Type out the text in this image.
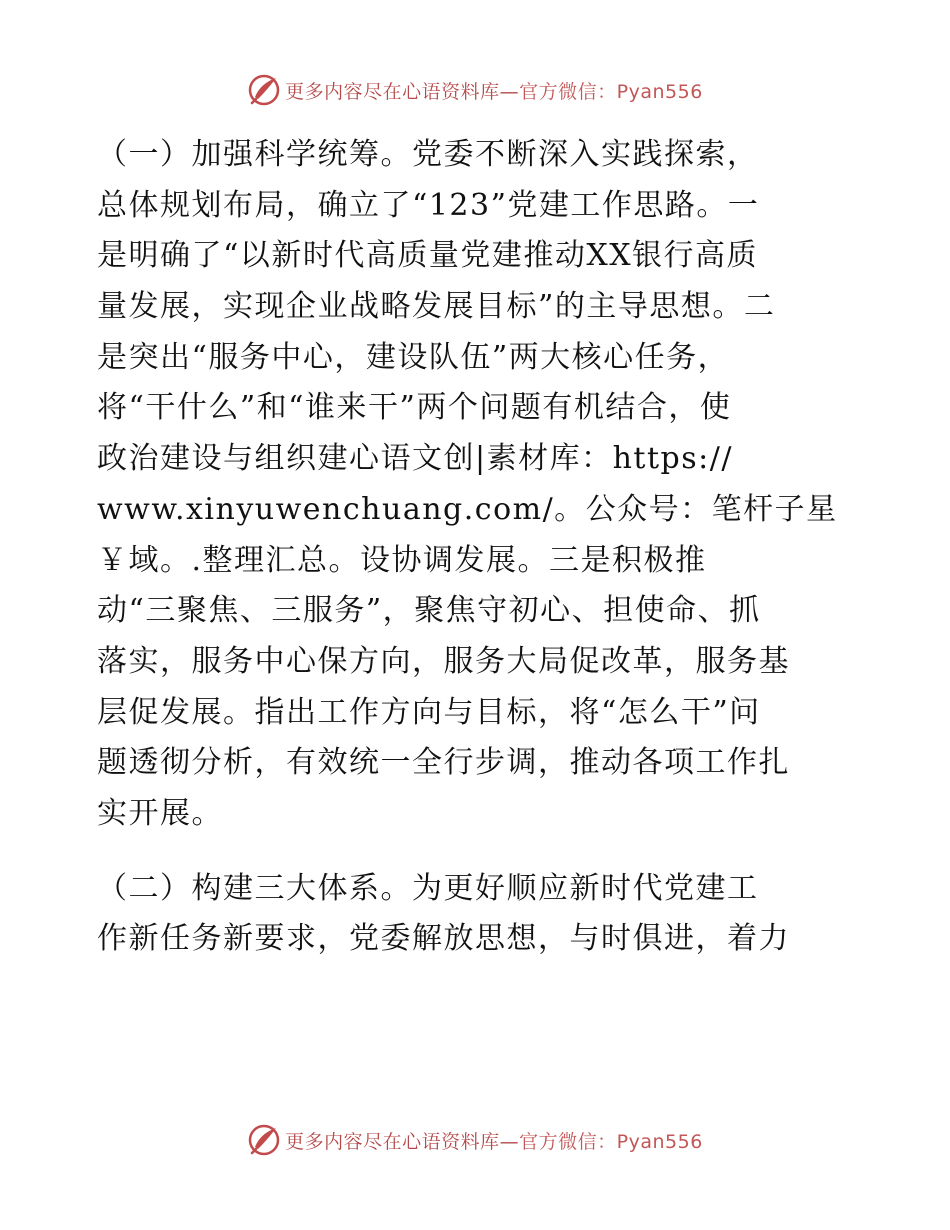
更多内容尽在心语资料库—官方微信：Pyan556
（一）加强科学统筹。党委不断深入实践探索，
总体规划布局，确立了“123”党建工作思路。一
是明确了“以新时代高质量党建推动XX银行高质
量发展，实现企业战略发展目标”的主导思想。二
是突出“服务中心，建设队伍”两大核心任务，
将“干什么”和“谁来干”两个问题有机结合，使
政治建设与组织建心语文创|素材库：https://
www.xinyuwenchuang.com/。公众号：笔杆子星
￥域。.整理汇总。设协调发展。三是积极推
动“三聚焦、三服务”，聚焦守初心、担使命、抓
落实，服务中心保方向，服务大局促改革，服务基
层促发展。指出工作方向与目标，将“怎么干”问
题透彻分析，有效统一全行步调，推动各项工作扎
实开展。
（二）构建三大体系。为更好顺应新时代党建工
作新任务新要求，党委解放思想，与时俱进，着力
更多内容尽在心语资料库—官方微信：Pyan556
